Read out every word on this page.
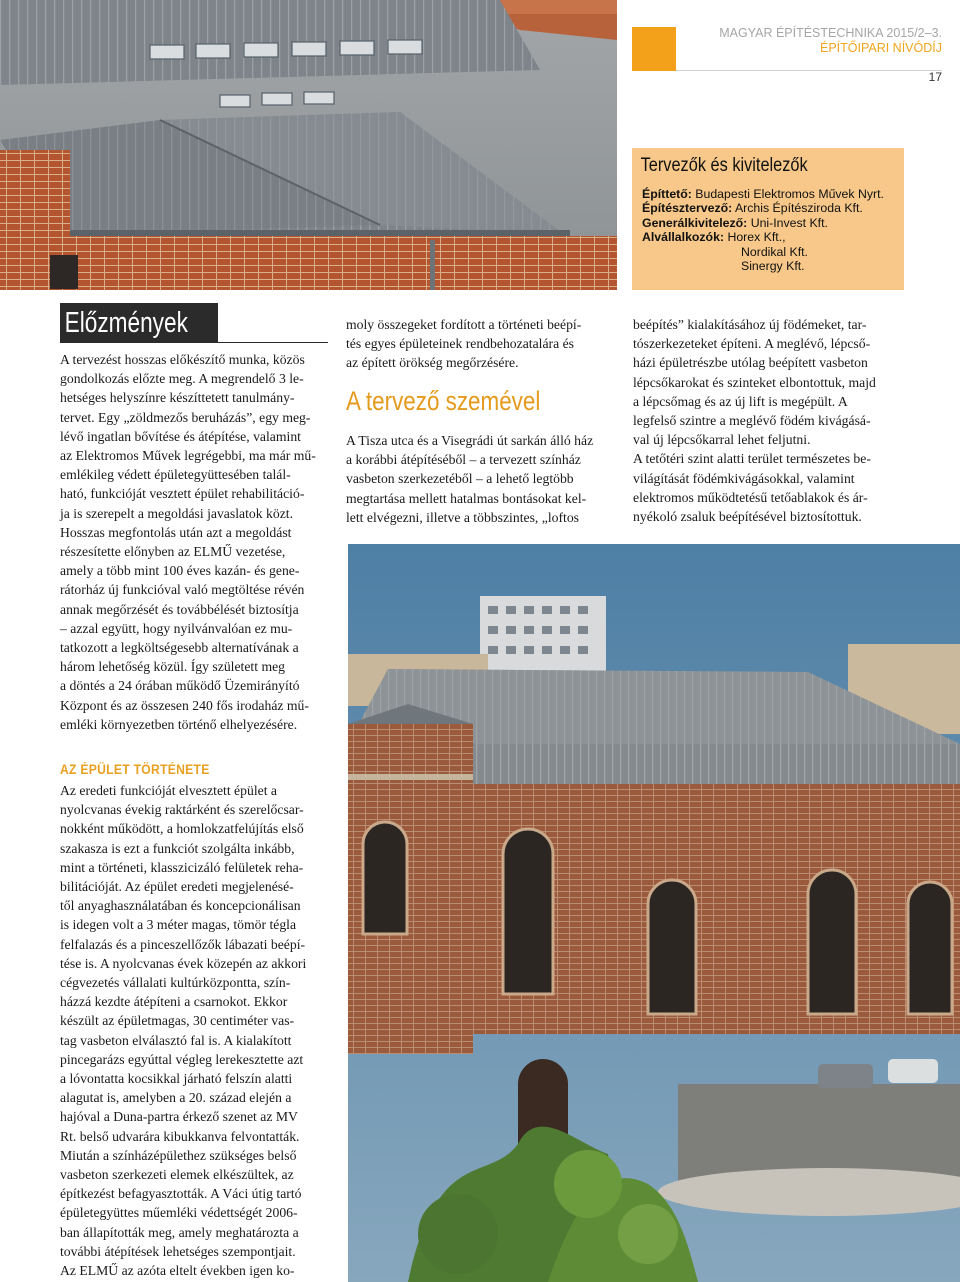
MAGYAR ÉPÍTÉSTECHNIKA 2015/2–3.
ÉPÍTŐIPARI NÍVÓDÍJ
17
Tervezők és kivitelezők
Építtető: Budapesti Elektromos Művek Nyrt.
Építésztervező: Archis Építésziroda Kft.
Generálkivitelező: Uni-Invest Kft.
Alvállalkozók: Horex Kft.,
Nordikal Kft.
Sinergy Kft.
Előzmények

A tervezést hosszas előkészítő munka, közös
gondolkozás előzte meg. A megrendelő 3 le-
hetséges helyszínre készíttetett tanulmány-
tervet. Egy „zöldmezős beruházás”, egy meg-
lévő ingatlan bővítése és átépítése, valamint
az Elektromos Művek legrégebbi, ma már mű-
emlékileg védett épületegyüttesében talál-
ható, funkcióját vesztett épület rehabilitáció-
ja is szerepelt a megoldási javaslatok közt.
Hosszas megfontolás után azt a megoldást
részesítette előnyben az ELMŰ vezetése,
amely a több mint 100 éves kazán- és gene-
rátorház új funkcióval való megtöltése révén
annak megőrzését és továbbélését biztosítja
– azzal együtt, hogy nyilvánvalóan ez mu-
tatkozott a legköltségesebb alternatívának a
három lehetőség közül. Így született meg
a döntés a 24 órában működő Üzemirányító
Központ és az összesen 240 fős irodaház mű-
emléki környezetben történő elhelyezésére.

AZ ÉPÜLET TÖRTÉNETE

Az eredeti funkcióját elvesztett épület a
nyolcvanas évekig raktárként és szerelőcsar-
nokként működött, a homlokzatfelújítás első
szakasza is ezt a funkciót szolgálta inkább,
mint a történeti, klasszicizáló felületek reha-
bilitációját. Az épület eredeti megjelenésé-
től anyaghasználatában és koncepcionálisan
is idegen volt a 3 méter magas, tömör tégla
felfalazás és a pinceszellőzők lábazati beépí-
tése is. A nyolcvanas évek közepén az akkori
cégvezetés vállalati kultúrközpontta, szín-
házzá kezdte átépíteni a csarnokot. Ekkor
készült az épületmagas, 30 centiméter vas-
tag vasbeton elválasztó fal is. A kialakított
pincegarázs egyúttal végleg lerekesztette azt
a lóvontatta kocsikkal járható felszín alatti
alagutat is, amelyben a 20. század elején a
hajóval a Duna-partra érkező szenet az MV
Rt. belső udvarára kibukkanva felvontatták.
Miután a színházépülethez szükséges belső
vasbeton szerkezeti elemek elkészültek, az
építkezést befagyasztották. A Váci útig tartó
épületegyüttes műemléki védettségét 2006-
ban állapították meg, amely meghatározta a
további átépítések lehetséges szempontjait.
Az ELMŰ az azóta eltelt években igen ko-

moly összegeket fordított a történeti beépí-
tés egyes épületeinek rendbehozatalára és
az épített örökség megőrzésére.

A tervező szemével

A Tisza utca és a Visegrádi út sarkán álló ház
a korábbi átépítéséből – a tervezett színház
vasbeton szerkezetéből – a lehető legtöbb
megtartása mellett hatalmas bontásokat kel-
lett elvégezni, illetve a többszintes, „loftos

beépítés” kialakításához új födémeket, tar-
tószerkezeteket építeni. A meglévő, lépcső-
házi épületrészbe utólag beépített vasbeton
lépcsőkarokat és szinteket elbontottuk, majd
a lépcsőmag és az új lift is megépült. A
legfelső szintre a meglévő födém kivágásá-
val új lépcsőkarral lehet feljutni.
A tetőtéri szint alatti terület természetes be-
világítását födémkivágásokkal, valamint
elektromos működtetésű tetőablakok és ár-
nyékoló zsaluk beépítésével biztosítottuk.
